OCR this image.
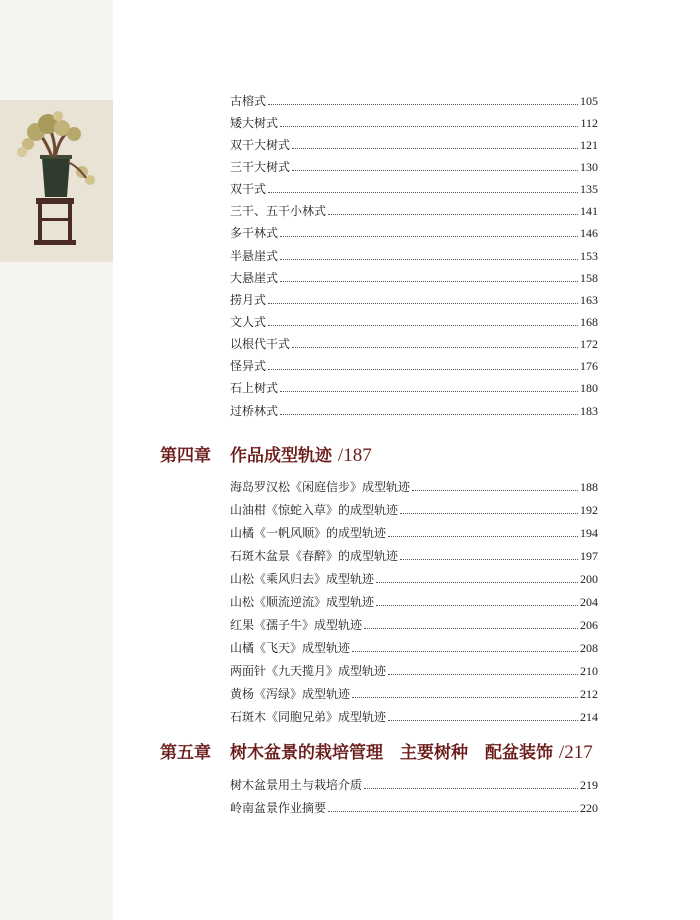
古榕式	105
矮大树式	112
双干大树式	121
三干大树式	130
双干式	135
三干、五干小林式	141
多干林式	146
半悬崖式	153
大悬崖式	158
捞月式	163
文人式	168
以根代干式	172
怪异式	176
石上树式	180
过桥林式	183
第四章 作品成型轨迹 /187
海岛罗汉松《闲庭信步》成型轨迹	188
山油柑《惊蛇入草》的成型轨迹	192
山橘《一帆风顺》的成型轨迹	194
石斑木盆景《春醉》的成型轨迹	197
山松《乘风归去》成型轨迹	200
山松《顺流逆流》成型轨迹	204
红果《孺子牛》成型轨迹	206
山橘《飞天》成型轨迹	208
两面针《九天揽月》成型轨迹	210
黄杨《泻绿》成型轨迹	212
石斑木《同胞兄弟》成型轨迹	214
第五章 树木盆景的栽培管理　主要树种　配盆装饰 /217
树木盆景用土与栽培介质	219
岭南盆景作业摘要	220
